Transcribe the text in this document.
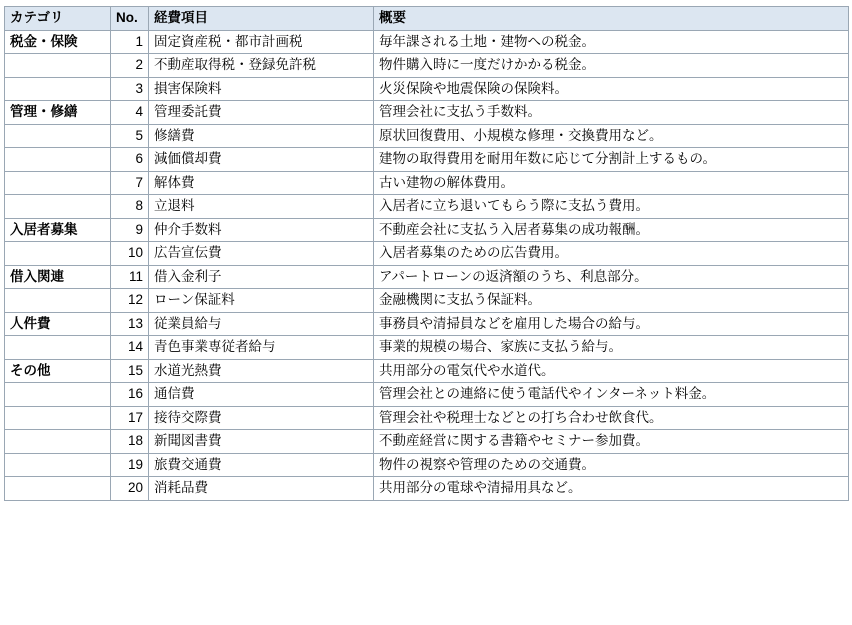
カテゴリ	No.	経費項目	概要
税金・保険	1	固定資産税・都市計画税	毎年課される土地・建物への税金。
	2	不動産取得税・登録免許税	物件購入時に一度だけかかる税金。
	3	損害保険料	火災保険や地震保険の保険料。
管理・修繕	4	管理委託費	管理会社に支払う手数料。
	5	修繕費	原状回復費用、小規模な修理・交換費用など。
	6	減価償却費	建物の取得費用を耐用年数に応じて分割計上するもの。
	7	解体費	古い建物の解体費用。
	8	立退料	入居者に立ち退いてもらう際に支払う費用。
入居者募集	9	仲介手数料	不動産会社に支払う入居者募集の成功報酬。
	10	広告宣伝費	入居者募集のための広告費用。
借入関連	11	借入金利子	アパートローンの返済額のうち、利息部分。
	12	ローン保証料	金融機関に支払う保証料。
人件費	13	従業員給与	事務員や清掃員などを雇用した場合の給与。
	14	青色事業専従者給与	事業的規模の場合、家族に支払う給与。
その他	15	水道光熱費	共用部分の電気代や水道代。
	16	通信費	管理会社との連絡に使う電話代やインターネット料金。
	17	接待交際費	管理会社や税理士などとの打ち合わせ飲食代。
	18	新聞図書費	不動産経営に関する書籍やセミナー参加費。
	19	旅費交通費	物件の視察や管理のための交通費。
	20	消耗品費	共用部分の電球や清掃用具など。
